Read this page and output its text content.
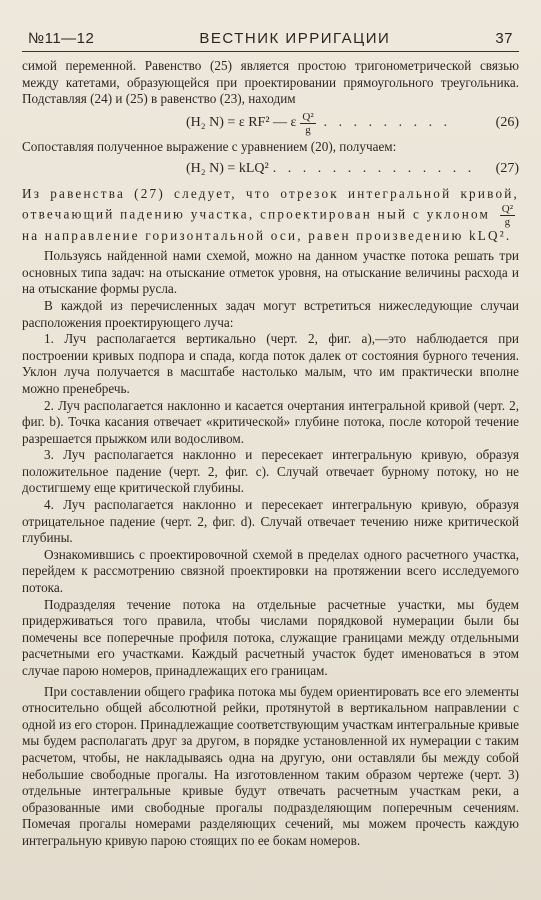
№11—12	ВЕСТНИК ИРРИГАЦИИ	37

симой переменной. Равенство (25) является простою тригонометрической связью между катетами, образующейся при проектировании прямоугольного треугольника. Подставляя (24) и (25) в равенство (23), находим

(H₂ N) = ε RF² — ε $\frac{\text{Q²}}{g}$ . . . . . . . . .	(26)

Сопоставляя полученное выражение с уравнением (20), получаем:

(H₂ N) = kLQ² . . . . . . . . . . . . . .	(27)

Из равенства (27) следует, что отрезок интегральной кривой, отвечающий падению участка, спроектирован ный с уклоном $\frac{\text{Q²}}{g}$
на направление горизонтальной оси, равен произведению kLQ².

Пользуясь найденной нами схемой, можно на данном участке потока решать три основных типа задач: на отыскание отметок уровня, на отыскание величины расхода и на отыскание формы русла.

В каждой из перечисленных задач могут встретиться нижеследующие случаи расположения проектирующего луча:

1. Луч располагается вертикально (черт. 2, фиг. a),—это наблюдается при построении кривых подпора и спада, когда поток далек от состояния бурного течения. Уклон луча получается в масштабе настолько малым, что им практически вполне можно пренебречь.

2. Луч располагается наклонно и касается очертания интегральной кривой (черт. 2, фиг. b). Точка касания отвечает «критической» глубине потока, после которой течение разрешается прыжком или водосливом.

3. Луч располагается наклонно и пересекает интегральную кривую, образуя положительное падение (черт. 2, фиг. c). Случай отвечает бурному потоку, но не достигшему еще критической глубины.

4. Луч располагается наклонно и пересекает интегральную кривую, образуя отрицательное падение (черт. 2, фиг. d). Случай отвечает течению ниже критической глубины.

Ознакомившись с проектировочной схемой в пределах одного расчетного участка, перейдем к рассмотрению связной проектировки на протяжении всего исследуемого потока.

Подразделяя течение потока на отдельные расчетные участки, мы будем придерживаться того правила, чтобы числами порядковой нумерации были бы помечены все поперечные профиля потока, служащие границами между отдельными расчетными его участками. Каждый расчетный участок будет именоваться в этом случае парою номеров, принадлежащих его границам.

При составлении общего графика потока мы будем ориентировать все его элементы относительно общей абсолютной рейки, протянутой в вертикальном направлении с одной из его сторон. Принадлежащие соответствующим участкам интегральные кривые мы будем располагать друг за другом, в порядке установленной их нумерации с таким расчетом, чтобы, не накладываясь одна на другую, они оставляли бы между собой небольшие свободные прогалы. На изготовленном таким образом чертеже (черт. 3) отдельные интегральные кривые будут отвечать расчетным участкам реки, а образованные ими свободные прогалы подразделяющим поперечным сечениям. Помечая прогалы номерами разделяющих сечений, мы можем прочесть каждую интегральную кривую парою стоящих по ее бокам номеров.
